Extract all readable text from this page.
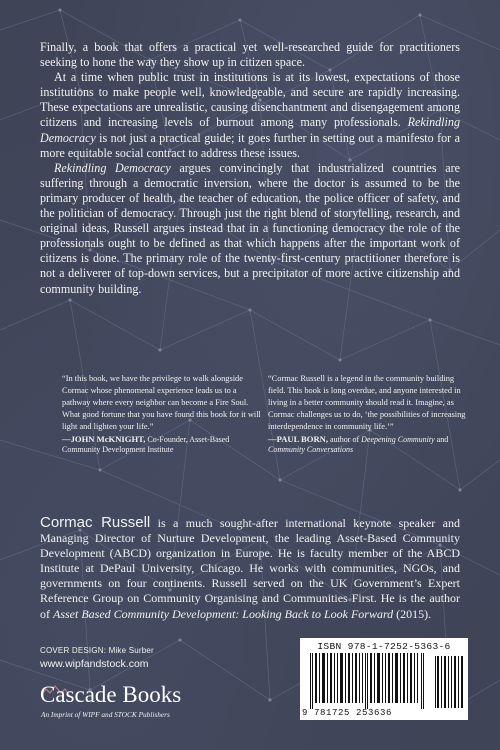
Finally, a book that offers a practical yet well-researched guide for practitioners seeking to hone the way they show up in citizen space.

At a time when public trust in institutions is at its lowest, expectations of those institutions to make people well, knowledgeable, and secure are rapidly increasing. These expectations are unrealistic, causing disenchantment and disengagement among citizens and increasing levels of burnout among many professionals. Rekindling Democracy is not just a practical guide; it goes further in setting out a manifesto for a more equitable social contract to address these issues.

Rekindling Democracy argues convincingly that industrialized countries are suffering through a democratic inversion, where the doctor is assumed to be the primary producer of health, the teacher of education, the police officer of safety, and the politician of democracy. Through just the right blend of storytelling, research, and original ideas, Russell argues instead that in a functioning democracy the role of the professionals ought to be defined as that which happens after the important work of citizens is done. The primary role of the twenty-first-century practitioner therefore is not a deliverer of top-down services, but a precipitator of more active citizenship and community building.

“In this book, we have the privilege to walk alongside Cormac whose phenomenal experience leads us to a pathway where every neighbor can become a Fire Soul. What good fortune that you have found this book for it will light and lighten your life.”

—JOHN McKNIGHT, Co-Founder, Asset-Based Community Development Institute

“Cormac Russell is a legend in the community building field. This book is long overdue, and anyone interested in living in a better community should read it. Imagine, as Cormac challenges us to do, ‘the possibilities of increasing interdependence in community life.’”

—PAUL BORN, author of Deepening Community and Community Conversations

Cormac Russell is a much sought-after international keynote speaker and Managing Director of Nurture Development, the leading Asset-Based Community Development (ABCD) organization in Europe. He is faculty member of the ABCD Institute at DePaul University, Chicago. He works with communities, NGOs, and governments on four continents. Russell served on the UK Government’s Expert Reference Group on Community Organising and Communities First. He is the author of Asset Based Community Development: Looking Back to Look Forward (2015).
COVER DESIGN: Mike Surber
www.wipfandstock.com
Cascade Books
An Imprint of WIPF and STOCK Publishers
ISBN 978-1-7252-5363-6
9 781725 253636
